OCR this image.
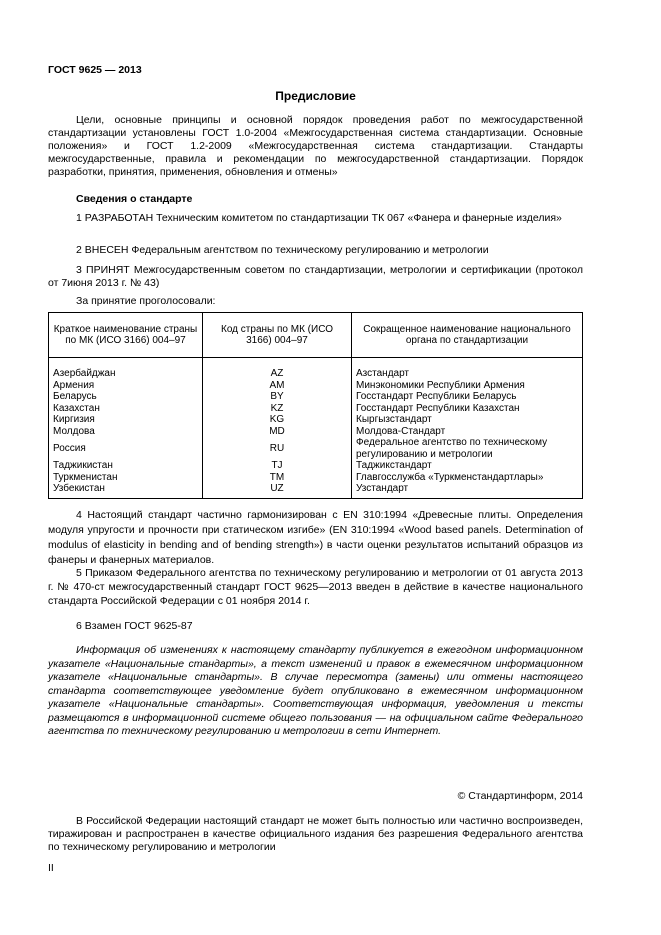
ГОСТ 9625 — 2013
Предисловие
Цели, основные принципы и основной порядок проведения работ по межгосударственной стандартизации установлены ГОСТ 1.0-2004 «Межгосударственная система стандартизации. Основные положения» и ГОСТ 1.2-2009 «Межгосударственная система стандартизации. Стандарты межгосударственные, правила и рекомендации по межгосударственной стандартизации. Порядок разработки, принятия, применения, обновления и отмены»
Сведения о стандарте
1 РАЗРАБОТАН Техническим комитетом по стандартизации ТК 067 «Фанера и фанерные изделия»
2 ВНЕСЕН Федеральным агентством по техническому регулированию и метрологии
3 ПРИНЯТ Межгосударственным советом по стандартизации, метрологии и сертификации (протокол от 7июня 2013 г. № 43)
За принятие проголосовали:
Краткое наименование страны по МК (ИСО 3166) 004–97	Код страны по МК (ИСО 3166) 004–97	Сокращенное наименование национального органа по стандартизации
Азербайджан	AZ	Азстандарт
Армения	AM	Минэкономики Республики Армения
Беларусь	BY	Госстандарт Республики Беларусь
Казахстан	KZ	Госстандарт Республики Казахстан
Киргизия	KG	Кыргызстандарт
Молдова	MD	Молдова-Стандарт
Россия	RU	Федеральное агентство по техническому регулированию и метрологии
Таджикистан	TJ	Таджикстандарт
Туркменистан	TM	Главгосслужба «Туркменстандартлары»
Узбекистан	UZ	Узстандарт
4 Настоящий стандарт частично гармонизирован с EN 310:1994 «Древесные плиты. Определения модуля упругости и прочности при статическом изгибе» (EN 310:1994 «Wood based panels. Determination of modulus of elasticity in bending and of bending strength») в части оценки результатов испытаний образцов из фанеры и фанерных материалов.
5 Приказом Федерального агентства по техническому регулированию и метрологии от 01 августа 2013 г. № 470-ст межгосударственный стандарт ГОСТ 9625—2013 введен в действие в качестве национального стандарта Российской Федерации с 01 ноября 2014 г.
6 Взамен ГОСТ 9625-87
Информация об изменениях к настоящему стандарту публикуется в ежегодном информационном указателе «Национальные стандарты», а текст изменений и правок в ежемесячном информационном указателе «Национальные стандарты». В случае пересмотра (замены) или отмены настоящего стандарта соответствующее уведомление будет опубликовано в ежемесячном информационном указателе «Национальные стандарты». Соответствующая информация, уведомления и тексты размещаются в информационной системе общего пользования — на официальном сайте Федерального агентства по техническому регулированию и метрологии в сети Интернет.
© Стандартинформ, 2014
В Российской Федерации настоящий стандарт не может быть полностью или частично воспроизведен, тиражирован и распространен в качестве официального издания без разрешения Федерального агентства по техническому регулированию и метрологии
II
